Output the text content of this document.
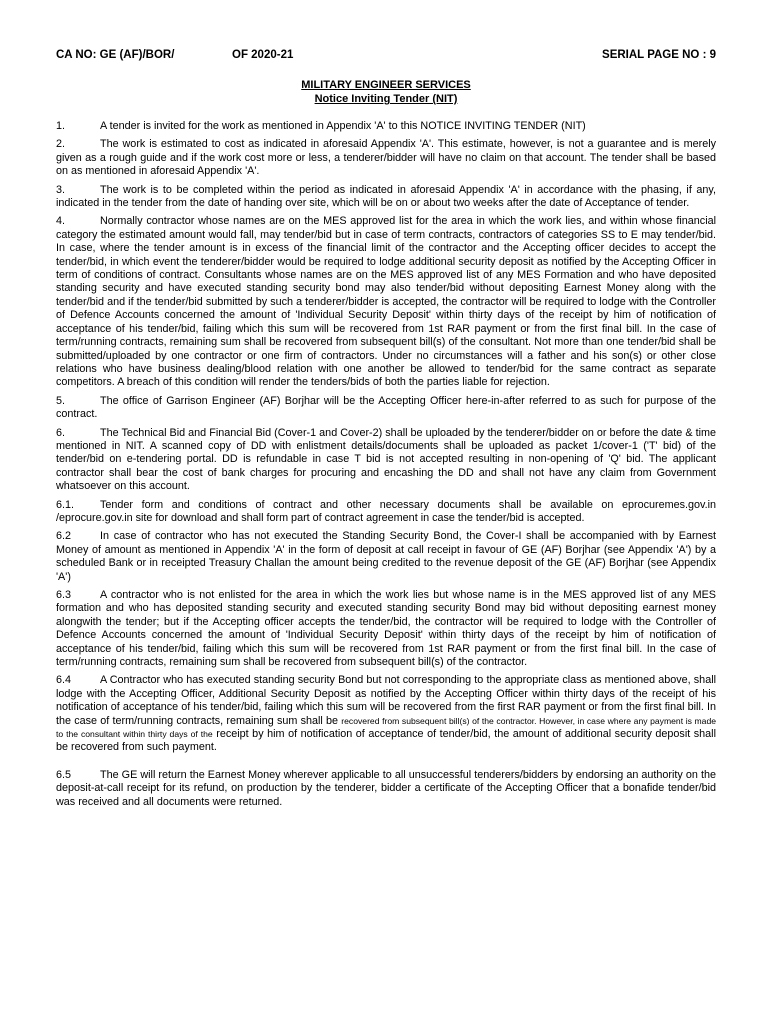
CA NO: GE (AF)/BOR/	OF 2020-21	SERIAL PAGE NO : 9
MILITARY ENGINEER SERVICES
Notice Inviting Tender (NIT)

1.	A tender is invited for the work as mentioned in Appendix 'A' to this NOTICE INVITING TENDER (NIT)

2.	The work is estimated to cost as indicated in aforesaid Appendix 'A'. This estimate, however, is not a guarantee and is merely given as a rough guide and if the work cost more or less, a tenderer/bidder will have no claim on that account. The tender shall be based on as mentioned in aforesaid Appendix 'A'.

3.	The work is to be completed within the period as indicated in aforesaid Appendix 'A' in accordance with the phasing, if any, indicated in the tender from the date of handing over site, which will be on or about two weeks after the date of Acceptance of tender.

4.	Normally contractor whose names are on the MES approved list for the area in which the work lies, and within whose financial category the estimated amount would fall, may tender/bid but in case of term contracts, contractors of categories SS to E may tender/bid. In case, where the tender amount is in excess of the financial limit of the contractor and the Accepting officer decides to accept the tender/bid, in which event the tenderer/bidder would be required to lodge additional security deposit as notified by the Accepting Officer in term of conditions of contract. Consultants whose names are on the MES approved list of any MES Formation and who have deposited standing security and have executed standing security bond may also tender/bid without depositing Earnest Money along with the tender/bid and if the tender/bid submitted by such a tenderer/bidder is accepted, the contractor will be required to lodge with the Controller of Defence Accounts concerned the amount of 'Individual Security Deposit' within thirty days of the receipt by him of notification of acceptance of his tender/bid, failing which this sum will be recovered from 1st RAR payment or from the first final bill. In the case of term/running contracts, remaining sum shall be recovered from subsequent bill(s) of the consultant. Not more than one tender/bid shall be submitted/uploaded by one contractor or one firm of contractors. Under no circumstances will a father and his son(s) or other close relations who have business dealing/blood relation with one another be allowed to tender/bid for the same contract as separate competitors. A breach of this condition will render the tenders/bids of both the parties liable for rejection.

5.	The office of Garrison Engineer (AF) Borjhar will be the Accepting Officer here-in-after referred to as such for purpose of the contract.

6.	The Technical Bid and Financial Bid (Cover-1 and Cover-2) shall be uploaded by the tenderer/bidder on or before the date & time mentioned in NIT. A scanned copy of DD with enlistment details/documents shall be uploaded as packet 1/cover-1 ('T' bid) of the tender/bid on e-tendering portal. DD is refundable in case T bid is not accepted resulting in non-opening of 'Q' bid. The applicant contractor shall bear the cost of bank charges for procuring and encashing the DD and shall not have any claim from Government whatsoever on this account.

6.1. Tender form and conditions of contract and other necessary documents shall be available on eprocuremes.gov.in /eprocure.gov.in site for download and shall form part of contract agreement in case the tender/bid is accepted.

6.2	In case of contractor who has not executed the Standing Security Bond, the Cover-I shall be accompanied with by Earnest Money of amount as mentioned in Appendix 'A' in the form of deposit at call receipt in favour of GE (AF) Borjhar (see Appendix 'A') by a scheduled Bank or in receipted Treasury Challan the amount being credited to the revenue deposit of the GE (AF) Borjhar (see Appendix 'A')

6.3	A contractor who is not enlisted for the area in which the work lies but whose name is in the MES approved list of any MES formation and who has deposited standing security and executed standing security Bond may bid without depositing earnest money alongwith the tender; but if the Accepting officer accepts the tender/bid, the contractor will be required to lodge with the Controller of Defence Accounts concerned the amount of 'Individual Security Deposit' within thirty days of the receipt by him of notification of acceptance of his tender/bid, failing which this sum will be recovered from 1st RAR payment or from the first final bill. In the case of term/running contracts, remaining sum shall be recovered from subsequent bill(s) of the contractor.

6.4	A Contractor who has executed standing security Bond but not corresponding to the appropriate class as mentioned above, shall lodge with the Accepting Officer, Additional Security Deposit as notified by the Accepting Officer within thirty days of the receipt of his notification of acceptance of his tender/bid, failing which this sum will be recovered from the first RAR payment or from the first final bill. In the case of term/running contracts, remaining sum shall be recovered from subsequent bill(s) of the contractor. However, in case where any payment is made to the consultant within thirty days of the receipt by him of notification of acceptance of tender/bid, the amount of additional security deposit shall be recovered from such payment.

6.5	The GE will return the Earnest Money wherever applicable to all unsuccessful tenderers/bidders by endorsing an authority on the deposit-at-call receipt for its refund, on production by the tenderer, bidder a certificate of the Accepting Officer that a bonafide tender/bid was received and all documents were returned.
